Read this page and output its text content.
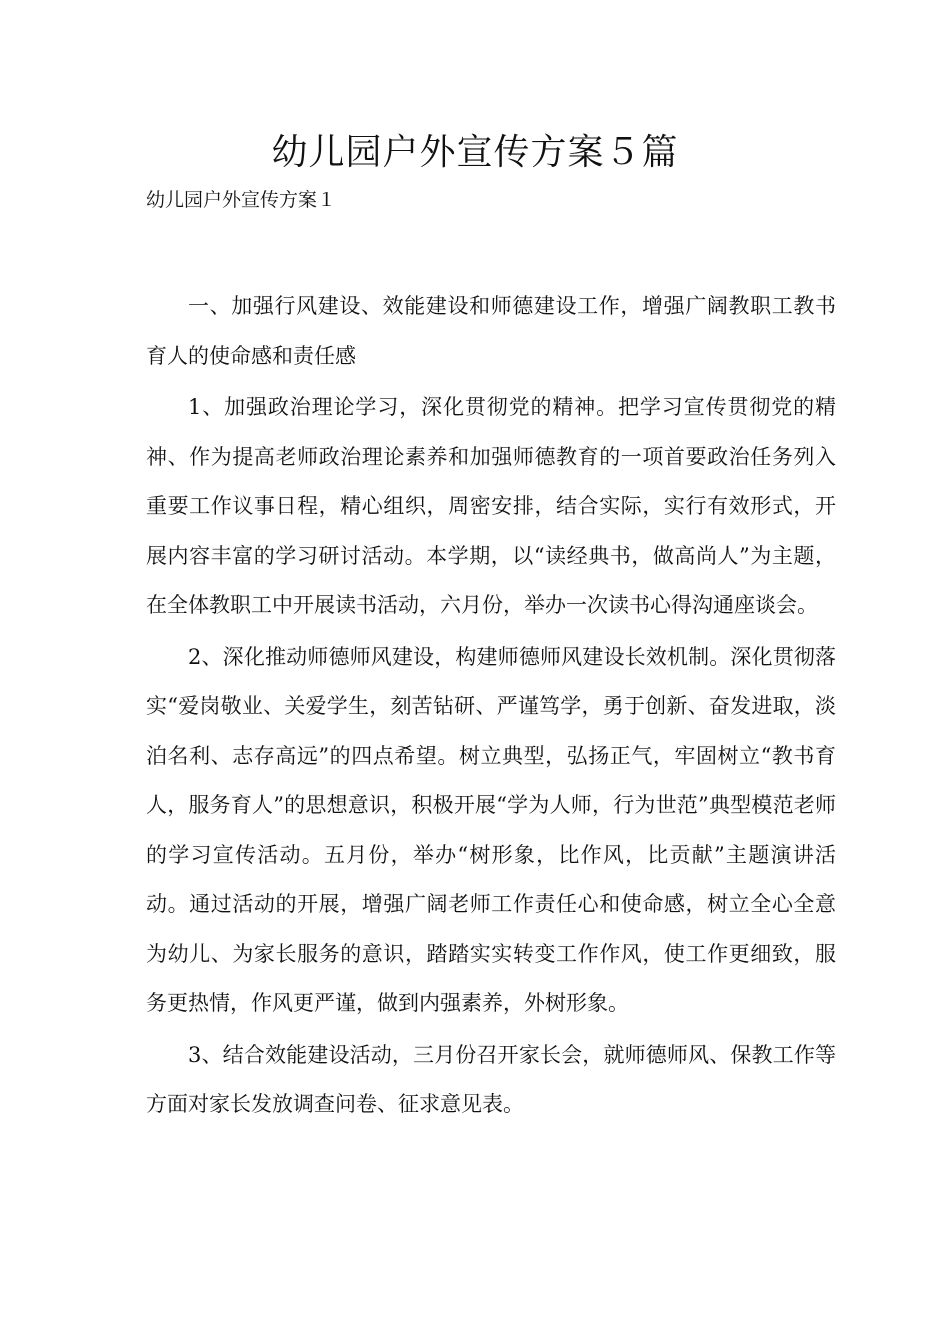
幼儿园户外宣传方案５篇

幼儿园户外宣传方案１

一、加强行风建设、效能建设和师德建设工作，增强广阔教职工教书育人的使命感和责任感

1、加强政治理论学习，深化贯彻党的精神。把学习宣传贯彻党的精神、作为提高老师政治理论素养和加强师德教育的一项首要政治任务列入重要工作议事日程，精心组织，周密安排，结合实际，实行有效形式，开展内容丰富的学习研讨活动。本学期，以“读经典书，做高尚人”为主题，在全体教职工中开展读书活动，六月份，举办一次读书心得沟通座谈会。

2、深化推动师德师风建设，构建师德师风建设长效机制。深化贯彻落实“爱岗敬业、关爱学生，刻苦钻研、严谨笃学，勇于创新、奋发进取，淡泊名利、志存高远”的四点希望。树立典型，弘扬正气，牢固树立“教书育人，服务育人”的思想意识，积极开展“学为人师，行为世范”典型模范老师的学习宣传活动。五月份，举办“树形象，比作风，比贡献”主题演讲活动。通过活动的开展，增强广阔老师工作责任心和使命感，树立全心全意为幼儿、为家长服务的意识，踏踏实实转变工作作风，使工作更细致，服务更热情，作风更严谨，做到内强素养，外树形象。

3、结合效能建设活动，三月份召开家长会，就师德师风、保教工作等方面对家长发放调查问卷、征求意见表。
